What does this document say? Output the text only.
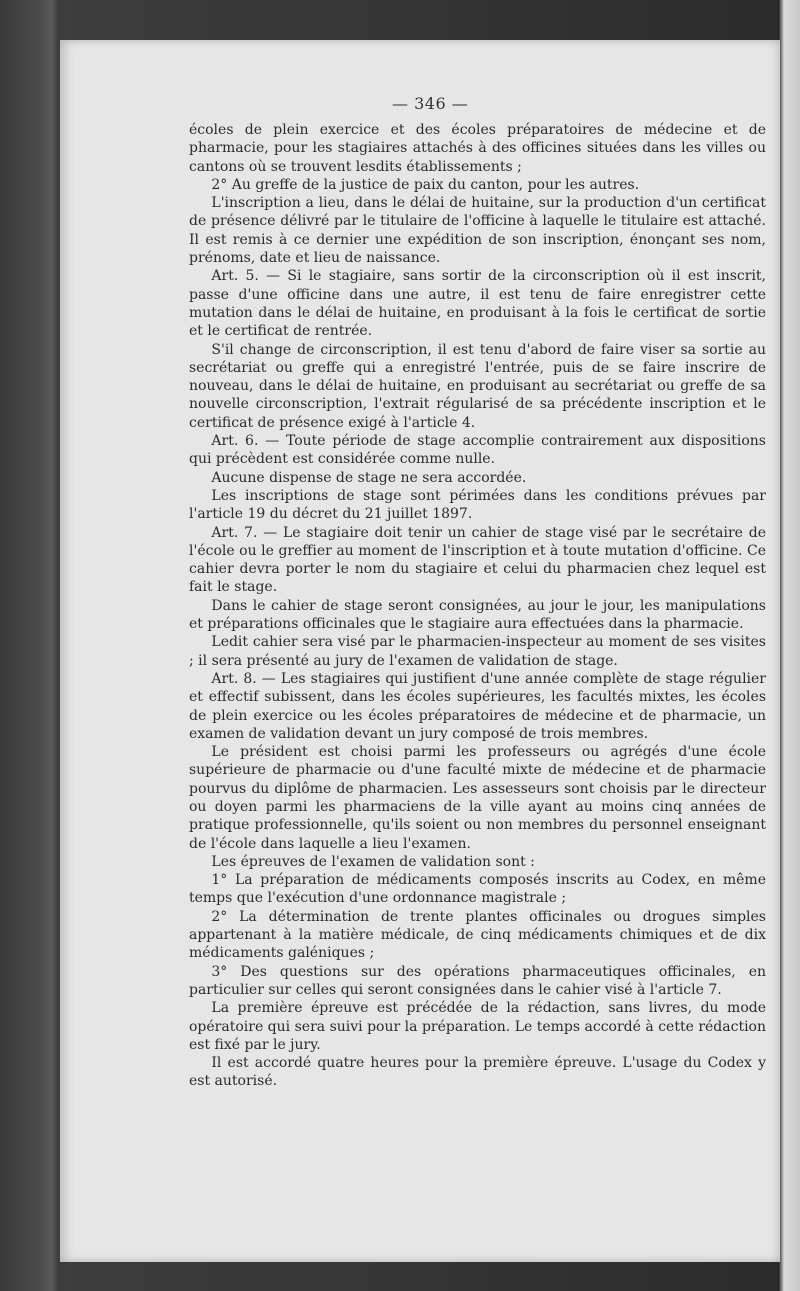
— 346 —

écoles de plein exercice et des écoles préparatoires de médecine et de pharmacie, pour les stagiaires attachés à des officines situées dans les villes ou cantons où se trouvent lesdits établissements ;

2° Au greffe de la justice de paix du canton, pour les autres.

L'inscription a lieu, dans le délai de huitaine, sur la production d'un certificat de présence délivré par le titulaire de l'officine à laquelle le titulaire est attaché. Il est remis à ce dernier une expédition de son inscription, énonçant ses nom, prénoms, date et lieu de naissance.

Art. 5. — Si le stagiaire, sans sortir de la circonscription où il est inscrit, passe d'une officine dans une autre, il est tenu de faire enregistrer cette mutation dans le délai de huitaine, en produisant à la fois le certificat de sortie et le certificat de rentrée.

S'il change de circonscription, il est tenu d'abord de faire viser sa sortie au secrétariat ou greffe qui a enregistré l'entrée, puis de se faire inscrire de nouveau, dans le délai de huitaine, en produisant au secrétariat ou greffe de sa nouvelle circonscription, l'extrait régularisé de sa précédente inscription et le certificat de présence exigé à l'article 4.

Art. 6. — Toute période de stage accomplie contrairement aux dispositions qui précèdent est considérée comme nulle.

Aucune dispense de stage ne sera accordée.

Les inscriptions de stage sont périmées dans les conditions prévues par l'article 19 du décret du 21 juillet 1897.

Art. 7. — Le stagiaire doit tenir un cahier de stage visé par le secrétaire de l'école ou le greffier au moment de l'inscription et à toute mutation d'officine. Ce cahier devra porter le nom du stagiaire et celui du pharmacien chez lequel est fait le stage.

Dans le cahier de stage seront consignées, au jour le jour, les manipulations et préparations officinales que le stagiaire aura effectuées dans la pharmacie.

Ledit cahier sera visé par le pharmacien-inspecteur au moment de ses visites ; il sera présenté au jury de l'examen de validation de stage.

Art. 8. — Les stagiaires qui justifient d'une année complète de stage régulier et effectif subissent, dans les écoles supérieures, les facultés mixtes, les écoles de plein exercice ou les écoles préparatoires de médecine et de pharmacie, un examen de validation devant un jury composé de trois membres.

Le président est choisi parmi les professeurs ou agrégés d'une école supérieure de pharmacie ou d'une faculté mixte de médecine et de pharmacie pourvus du diplôme de pharmacien. Les assesseurs sont choisis par le directeur ou doyen parmi les pharmaciens de la ville ayant au moins cinq années de pratique professionnelle, qu'ils soient ou non membres du personnel enseignant de l'école dans laquelle a lieu l'examen.

Les épreuves de l'examen de validation sont :

1° La préparation de médicaments composés inscrits au Codex, en même temps que l'exécution d'une ordonnance magistrale ;

2° La détermination de trente plantes officinales ou drogues simples appartenant à la matière médicale, de cinq médicaments chimiques et de dix médicaments galéniques ;

3° Des questions sur des opérations pharmaceutiques officinales, en particulier sur celles qui seront consignées dans le cahier visé à l'article 7.

La première épreuve est précédée de la rédaction, sans livres, du mode opératoire qui sera suivi pour la préparation. Le temps accordé à cette rédaction est fixé par le jury.

Il est accordé quatre heures pour la première épreuve. L'usage du Codex y est autorisé.
